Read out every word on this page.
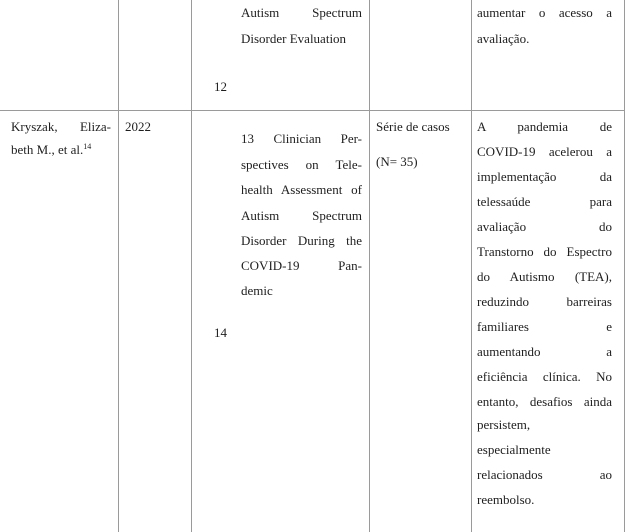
Autism Spectrum
Disorder Evaluation
12
aumentar o acesso a
avaliação.
Kryszak, Eliza-
beth M., et al.$^{14}$
2022
13 Clinician Per-
spectives on Tele-
health Assessment of
Autism Spectrum
Disorder During the
COVID-19 Pan-
demic
14
Série de casos
(N= 35)
A pandemia de
COVID-19 acelerou a
implementação da
telessaúde para
avaliação do
Transtorno do Espectro
do Autismo (TEA),
reduzindo barreiras
familiares e
aumentando a
eficiência clínica. No
entanto, desafios ainda
persistem,
especialmente
relacionados ao
reembolso.
